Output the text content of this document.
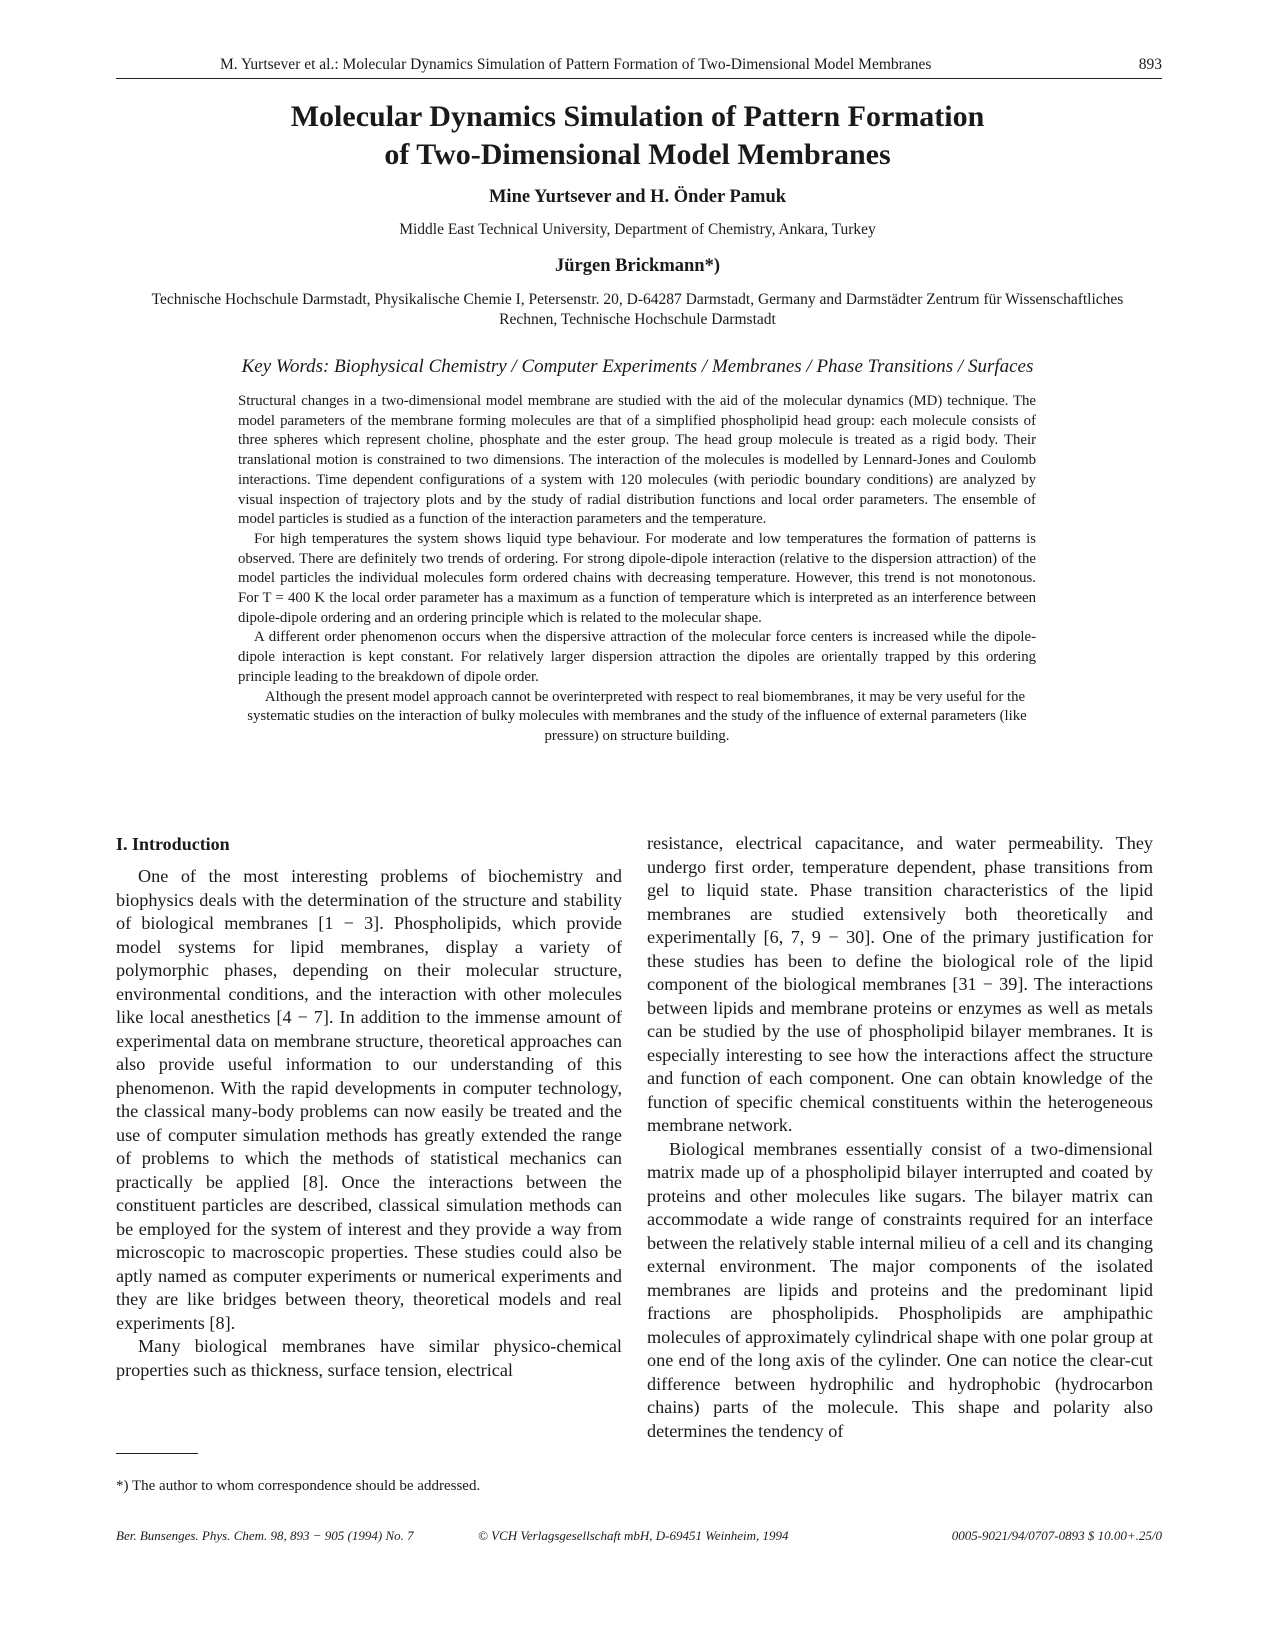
M. Yurtsever et al.: Molecular Dynamics Simulation of Pattern Formation of Two-Dimensional Model Membranes	893
Molecular Dynamics Simulation of Pattern Formation
of Two-Dimensional Model Membranes
Mine Yurtsever and H. Önder Pamuk
Middle East Technical University, Department of Chemistry, Ankara, Turkey
Jürgen Brickmann*)
Technische Hochschule Darmstadt, Physikalische Chemie I, Petersenstr. 20, D-64287 Darmstadt, Germany and Darmstädter Zentrum für Wissenschaftliches Rechnen, Technische Hochschule Darmstadt
Key Words: Biophysical Chemistry / Computer Experiments / Membranes / Phase Transitions / Surfaces

Structural changes in a two-dimensional model membrane are studied with the aid of the molecular dynamics (MD) technique. The model parameters of the membrane forming molecules are that of a simplified phospholipid head group: each molecule consists of three spheres which represent choline, phosphate and the ester group. The head group molecule is treated as a rigid body. Their translational motion is constrained to two dimensions. The interaction of the molecules is modelled by Lennard-Jones and Coulomb interactions. Time dependent configurations of a system with 120 molecules (with periodic boundary conditions) are analyzed by visual inspection of trajectory plots and by the study of radial distribution functions and local order parameters. The ensemble of model particles is studied as a function of the interaction parameters and the temperature.

For high temperatures the system shows liquid type behaviour. For moderate and low temperatures the formation of patterns is observed. There are definitely two trends of ordering. For strong dipole-dipole interaction (relative to the dispersion attraction) of the model particles the individual molecules form ordered chains with decreasing temperature. However, this trend is not monotonous. For T = 400 K the local order parameter has a maximum as a function of temperature which is interpreted as an interference between dipole-dipole ordering and an ordering principle which is related to the molecular shape.

A different order phenomenon occurs when the dispersive attraction of the molecular force centers is increased while the dipole-dipole interaction is kept constant. For relatively larger dispersion attraction the dipoles are orientally trapped by this ordering principle leading to the breakdown of dipole order.

Although the present model approach cannot be overinterpreted with respect to real biomembranes, it may be very useful for the systematic studies on the interaction of bulky molecules with membranes and the study of the influence of external parameters (like pressure) on structure building.

I. Introduction

One of the most interesting problems of biochemistry and biophysics deals with the determination of the structure and stability of biological membranes [1 − 3]. Phospholipids, which provide model systems for lipid membranes, display a variety of polymorphic phases, depending on their molecular structure, environmental conditions, and the interaction with other molecules like local anesthetics [4 − 7]. In addition to the immense amount of experimental data on membrane structure, theoretical approaches can also provide useful information to our understanding of this phenomenon. With the rapid developments in computer technology, the classical many-body problems can now easily be treated and the use of computer simulation methods has greatly extended the range of problems to which the methods of statistical mechanics can practically be applied [8]. Once the interactions between the constituent particles are described, classical simulation methods can be employed for the system of interest and they provide a way from microscopic to macroscopic properties. These studies could also be aptly named as computer experiments or numerical experiments and they are like bridges between theory, theoretical models and real experiments [8].

Many biological membranes have similar physico-chemical properties such as thickness, surface tension, electrical

resistance, electrical capacitance, and water permeability. They undergo first order, temperature dependent, phase transitions from gel to liquid state. Phase transition characteristics of the lipid membranes are studied extensively both theoretically and experimentally [6, 7, 9 − 30]. One of the primary justification for these studies has been to define the biological role of the lipid component of the biological membranes [31 − 39]. The interactions between lipids and membrane proteins or enzymes as well as metals can be studied by the use of phospholipid bilayer membranes. It is especially interesting to see how the interactions affect the structure and function of each component. One can obtain knowledge of the function of specific chemical constituents within the heterogeneous membrane network.

Biological membranes essentially consist of a two-dimensional matrix made up of a phospholipid bilayer interrupted and coated by proteins and other molecules like sugars. The bilayer matrix can accommodate a wide range of constraints required for an interface between the relatively stable internal milieu of a cell and its changing external environment. The major components of the isolated membranes are lipids and proteins and the predominant lipid fractions are phospholipids. Phospholipids are amphipathic molecules of approximately cylindrical shape with one polar group at one end of the long axis of the cylinder. One can notice the clear-cut difference between hydrophilic and hydrophobic (hydrocarbon chains) parts of the molecule. This shape and polarity also determines the tendency of

*) The author to whom correspondence should be addressed.
Ber. Bunsenges. Phys. Chem. 98, 893 − 905 (1994) No. 7	© VCH Verlagsgesellschaft mbH, D-69451 Weinheim, 1994	0005-9021/94/0707-0893 $ 10.00+.25/0
